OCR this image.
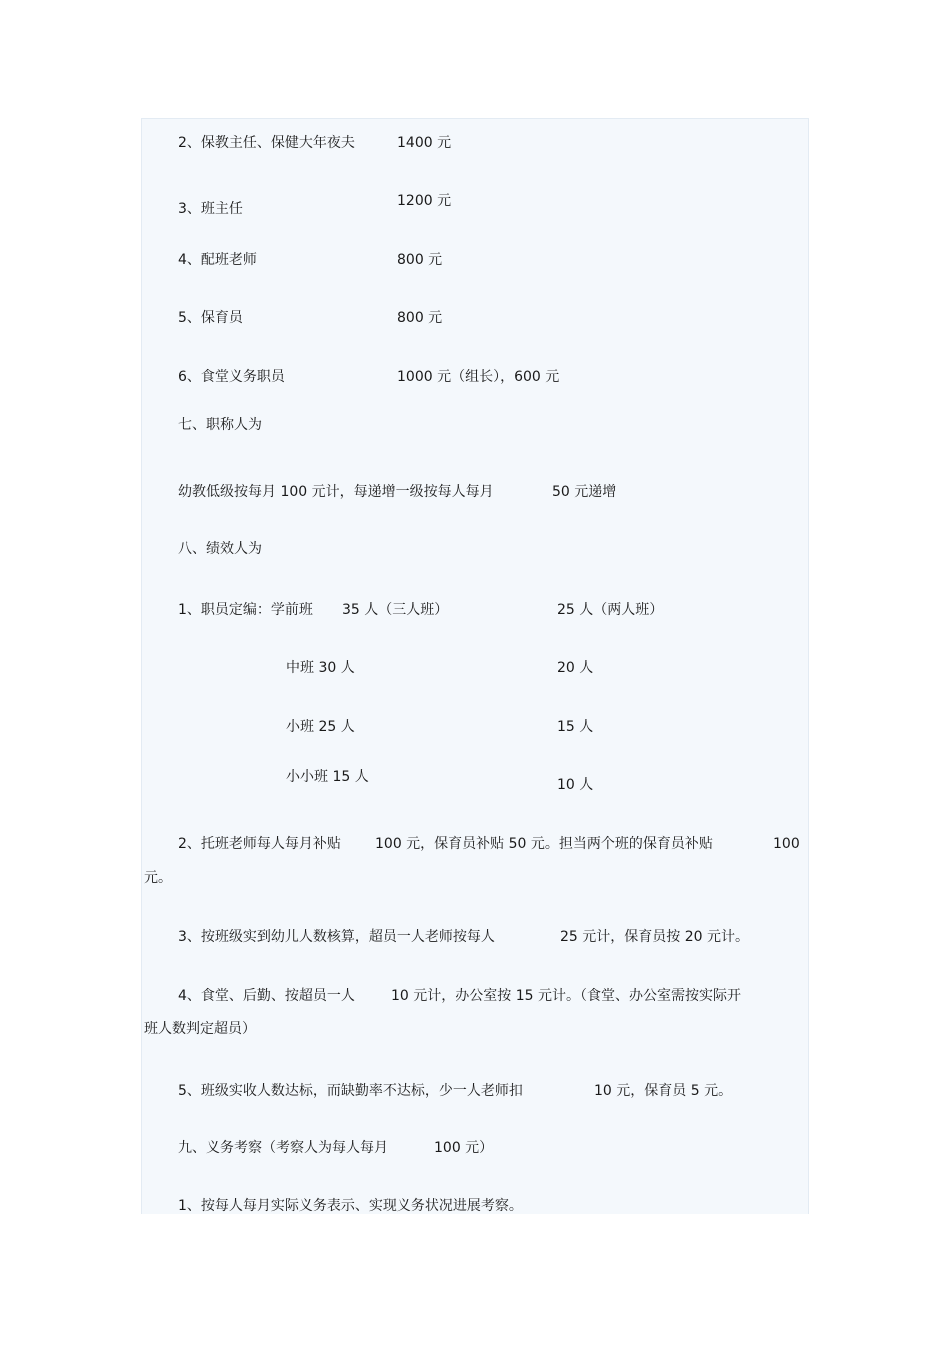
2、保教主任、保健大年夜夫	1400 元
3、班主任	1200 元
4、配班老师	800 元
5、保育员	800 元
6、食堂义务职员	1000 元（组长），600 元
七、职称人为
幼教低级按每月 100 元计，每递增一级按每人每月	50 元递增
八、绩效人为
1、职员定编：学前班 35 人（三人班）	25 人（两人班）
中班 30 人	20 人
小班 25 人	15 人
小小班 15 人	10 人
2、托班老师每人每月补贴 100 元，保育员补贴 50 元。担当两个班的保育员补贴	100
元。
3、按班级实到幼儿人数核算，超员一人老师按每人	25 元计，保育员按 20 元计。
4、食堂、后勤、按超员一人	10 元计，办公室按 15 元计。（食堂、办公室需按实际开
班人数判定超员）
5、班级实收人数达标，而缺勤率不达标，少一人老师扣	10 元，保育员 5 元。
九、义务考察（考察人为每人每月	100 元）
1、按每人每月实际义务表示、实现义务状况进展考察。
